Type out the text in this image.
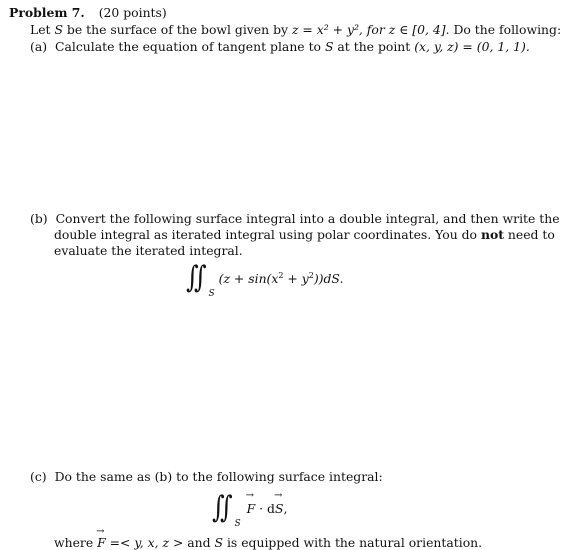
Problem 7. (20 points)
Let S be the surface of the bowl given by z = x² + y², for z ∈ [0, 4]. Do the following:
(a) Calculate the equation of tangent plane to S at the point (x, y, z) = (0, 1, 1).
(b) Convert the following surface integral into a double integral, and then write the
double integral as iterated integral using polar coordinates. You do not need to
evaluate the iterated integral.
∬ $_S$ $(z + \sin(x^2 + y^2))dS$.
(c) Do the same as (b) to the following surface integral:
∬ $_S$ → F · d→ S,
where → F =< y, x, z > and S is equipped with the natural orientation.
